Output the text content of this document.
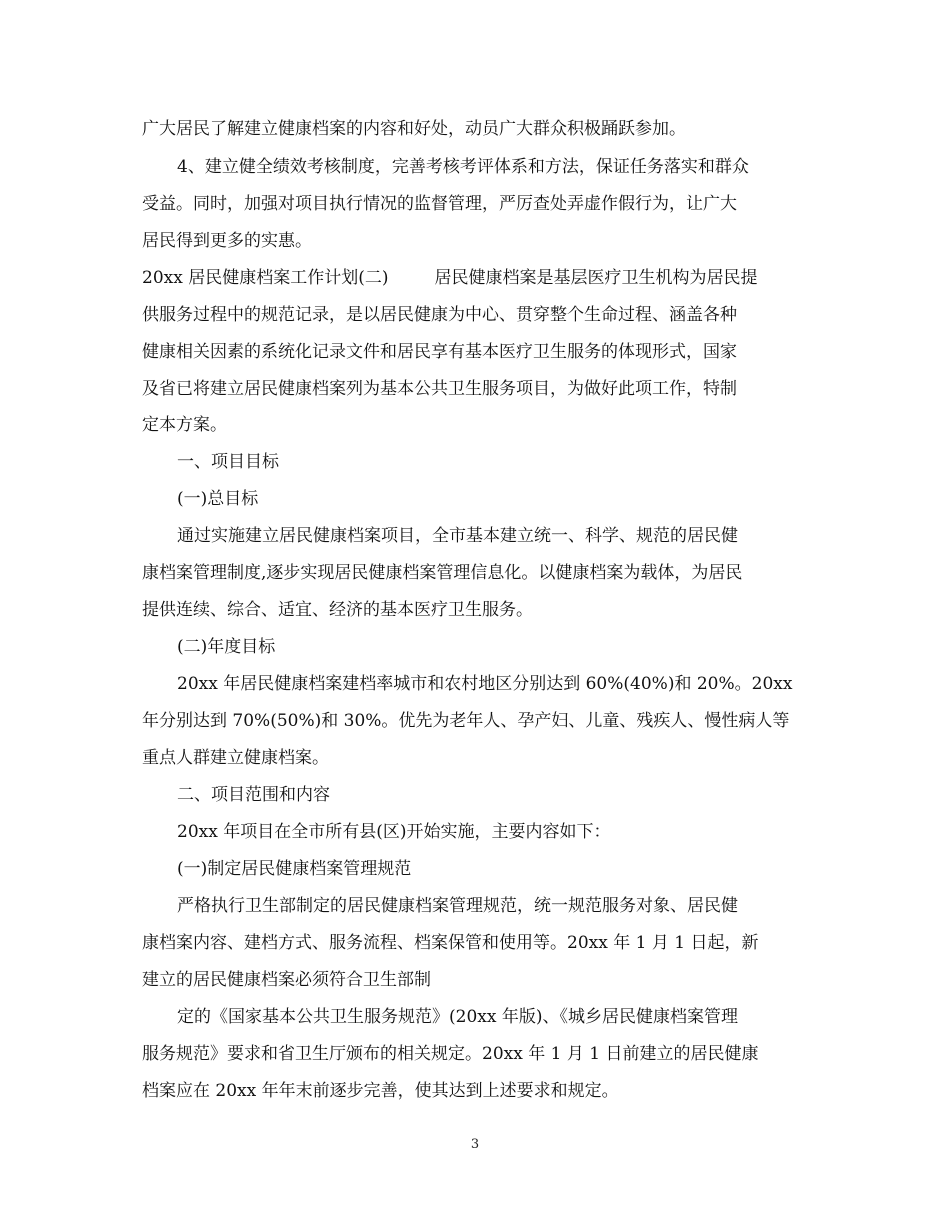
广大居民了解建立健康档案的内容和好处，动员广大群众积极踊跃参加。
4、建立健全绩效考核制度，完善考核考评体系和方法，保证任务落实和群众
受益。同时，加强对项目执行情况的监督管理，严厉查处弄虚作假行为，让广大
居民得到更多的实惠。
20xx 居民健康档案工作计划(二)	居民健康档案是基层医疗卫生机构为居民提
供服务过程中的规范记录，是以居民健康为中心、贯穿整个生命过程、涵盖各种
健康相关因素的系统化记录文件和居民享有基本医疗卫生服务的体现形式，国家
及省已将建立居民健康档案列为基本公共卫生服务项目，为做好此项工作，特制
定本方案。
一、项目目标
(一)总目标
通过实施建立居民健康档案项目，全市基本建立统一、科学、规范的居民健
康档案管理制度,逐步实现居民健康档案管理信息化。以健康档案为载体，为居民
提供连续、综合、适宜、经济的基本医疗卫生服务。
(二)年度目标
20xx 年居民健康档案建档率城市和农村地区分别达到 60%(40%)和 20%。20xx
年分别达到 70%(50%)和 30%。优先为老年人、孕产妇、儿童、残疾人、慢性病人等
重点人群建立健康档案。
二、项目范围和内容
20xx 年项目在全市所有县(区)开始实施，主要内容如下：
(一)制定居民健康档案管理规范
严格执行卫生部制定的居民健康档案管理规范，统一规范服务对象、居民健
康档案内容、建档方式、服务流程、档案保管和使用等。20xx 年 1 月 1 日起，新
建立的居民健康档案必须符合卫生部制
定的《国家基本公共卫生服务规范》(20xx 年版)、《城乡居民健康档案管理
服务规范》要求和省卫生厅颁布的相关规定。20xx 年 1 月 1 日前建立的居民健康
档案应在 20xx 年年末前逐步完善，使其达到上述要求和规定。
3
